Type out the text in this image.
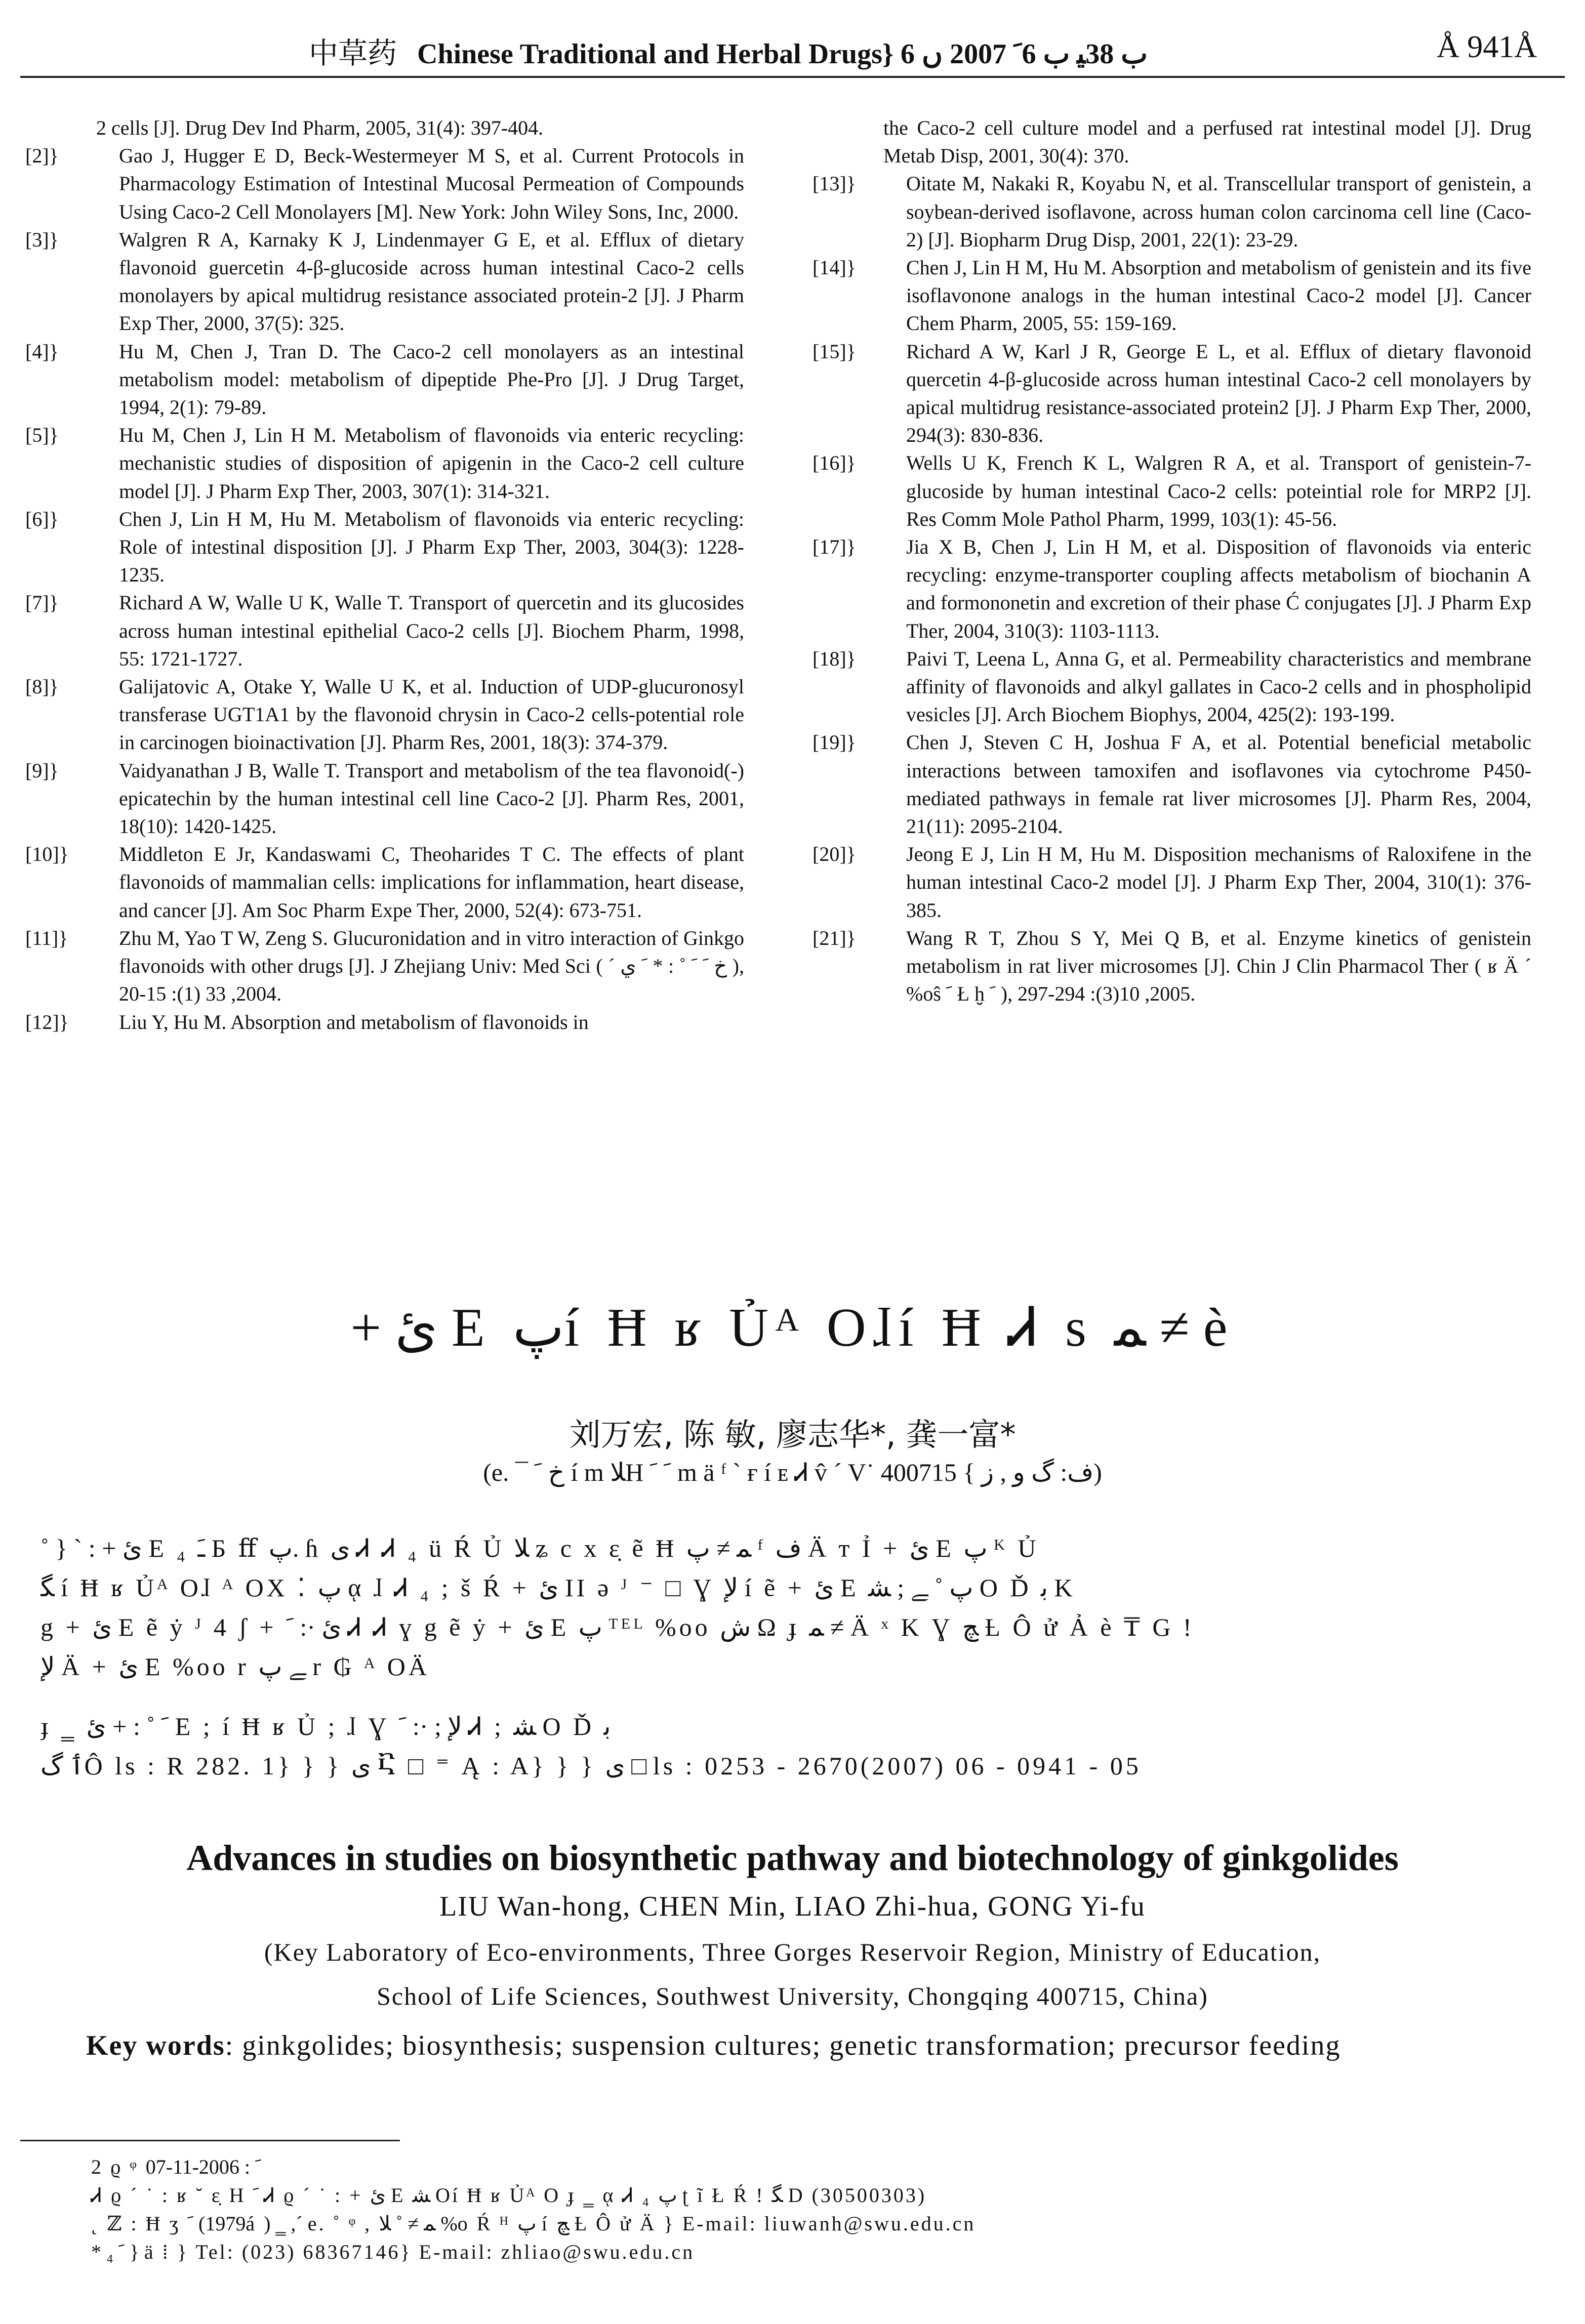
中草药 Chinese Traditional and Herbal Drugs} ب 38ﻴ ب 6ﹶ 2007 ں 6	Å 941Å
2 cells [J]. Drug Dev Ind Pharm, 2005, 31(4): 397-404.
[2]}	Gao J, Hugger E D, Beck-Westermeyer M S, et al. Current Protocols in Pharmacology Estimation of Intestinal Mucosal Permeation of Compounds Using Caco-2 Cell Monolayers [M]. New York: John Wiley Sons, Inc, 2000.
[3]}	Walgren R A, Karnaky K J, Lindenmayer G E, et al. Efflux of dietary flavonoid guercetin 4-β-glucoside across human intestinal Caco-2 cells monolayers by apical multidrug resistance associated protein-2 [J]. J Pharm Exp Ther, 2000, 37(5): 325.
[4]}	Hu M, Chen J, Tran D. The Caco-2 cell monolayers as an intestinal metabolism model: metabolism of dipeptide Phe-Pro [J]. J Drug Target, 1994, 2(1): 79-89.
[5]}	Hu M, Chen J, Lin H M. Metabolism of flavonoids via enteric recycling: mechanistic studies of disposition of apigenin in the Caco-2 cell culture model [J]. J Pharm Exp Ther, 2003, 307(1): 314-321.
[6]}	Chen J, Lin H M, Hu M. Metabolism of flavonoids via enteric recycling: Role of intestinal disposition [J]. J Pharm Exp Ther, 2003, 304(3): 1228-1235.
[7]}	Richard A W, Walle U K, Walle T. Transport of quercetin and its glucosides across human intestinal epithelial Caco-2 cells [J]. Biochem Pharm, 1998, 55: 1721-1727.
[8]}	Galijatovic A, Otake Y, Walle U K, et al. Induction of UDP-glucuronosyl transferase UGT1A1 by the flavonoid chrysin in Caco-2 cells-potential role in carcinogen bioinactivation [J]. Pharm Res, 2001, 18(3): 374-379.
[9]}	Vaidyanathan J B, Walle T. Transport and metabolism of the tea flavonoid(-) epicatechin by the human intestinal cell line Caco-2 [J]. Pharm Res, 2001, 18(10): 1420-1425.
[10]} Middleton E Jr, Kandaswami C, Theoharides T C. The effects of plant flavonoids of mammalian cells: implications for inflammation, heart disease, and cancer [J]. Am Soc Pharm Expe Ther, 2000, 52(4): 673-751.
[11]}	Zhu M, Yao T W, Zeng S. Glucuronidation and in vitro interaction of Ginkgo flavonoids with other drugs [J]. J Zhejiang Univ: Med Sci ( ´ خ ﹶ ﹶ ˚ : * ﹶ ي ), 2004, 33 (1): 15-20.
[12]} Liu Y, Hu M. Absorption and metabolism of flavonoids in
the Caco-2 cell culture model and a perfused rat intestinal model [J]. Drug Metab Disp, 2001, 30(4): 370.
[13]} Oitate M, Nakaki R, Koyabu N, et al. Transcellular transport of genistein, a soybean-derived isoflavone, across human colon carcinoma cell line (Caco-2) [J]. Biopharm Drug Disp, 2001, 22(1): 23-29.
[14]} Chen J, Lin H M, Hu M. Absorption and metabolism of genistein and its five isoflavonone analogs in the human intestinal Caco-2 model [J]. Cancer Chem Pharm, 2005, 55: 159-169.
[15]} Richard A W, Karl J R, George E L, et al. Efflux of dietary flavonoid quercetin 4-β-glucoside across human intestinal Caco-2 cell monolayers by apical multidrug resistance-associated protein2 [J]. J Pharm Exp Ther, 2000, 294(3): 830-836.
[16]} Wells U K, French K L, Walgren R A, et al. Transport of genistein-7-glucoside by human intestinal Caco-2 cells: poteintial role for MRP2 [J]. Res Comm Mole Pathol Pharm, 1999, 103(1): 45-56.
[17]} Jia X B, Chen J, Lin H M, et al. Disposition of flavonoids via enteric recycling: enzyme-transporter coupling affects metabolism of biochanin A and formononetin and excretion of their phase Ć conjugates [J]. J Pharm Exp Ther, 2004, 310(3): 1103-1113.
[18]} Paivi T, Leena L, Anna G, et al. Permeability characteristics and membrane affinity of flavonoids and alkyl gallates in Caco-2 cells and in phospholipid vesicles [J]. Arch Biochem Biophys, 2004, 425(2): 193-199.
[19]} Chen J, Steven C H, Joshua F A, et al. Potential beneficial metabolic interactions between tamoxifen and isoflavones via cytochrome P450-mediated pathways in female rat liver microsomes [J]. Pharm Res, 2004, 21(11): 2095-2104.
[20]} Jeong E J, Lin H M, Hu M. Disposition mechanisms of Raloxifene in the human intestinal Caco-2 model [J]. J Pharm Exp Ther, 2004, 310(1): 376-385.
[21]} Wang R T, Zhou S Y, Mei Q B, et al. Enzyme kinetics of genistein metabolism in rat liver microsomes [J]. Chin J Clin Pharmacol Ther ( ʁ Ä ´ %oŝ ﹶ Ł ḫ ﹶ ), 2005, 10(3): 294-297.
+ ﺉ E ﭖí Ħ ʁ Ủᴬ Oɺí Ħ Ꮧ s ﻤ ≠ è
刘万宏, 陈 敏, 廖志华*, 龚一富*
(e. ¯ خ ﹶ í m ﻼH ﹶ ﹶ m ä ᶠ ` ғ í ᴇ Ꮧ v̂ ´ V˙ ف: ﮒ و , ز } 400715)
˚ } ` : + ﺉ E ₄ ﹷ Ƃ ﬀ ﭖ. ɦ ى Ꮧ Ꮧ ₄ ü Ŕ Ủ ﻼ ʑ c x ε̣ ẽ Ħ ﻤ ≠ ﭖ ᶠ ف Ä т Ỉ + ﺉ E ﭖ ᴷ Ủ
ﮕ í Ħ ʁ Ủᴬ Oɺ ᴬ OX ⁚ ﭖ ᾳ ɺ Ꮧ ₄ ; š Ŕ + ﺉ ΙΙ ə ᴶ ⁻ □ Ɣ ﻹ í ẽ + ﺉ E ﭖ ˚ ﮯ ; ﺸ O Ď ﺑ K
g + ﺉ E ẽ ẏ ᴶ 4 ʃ + ﺉ ·: ﹶ Ꮧ Ꮧ ɣ g ẽ ẏ + ﺉ E ﭖ ᵀᴱᴸ %oo ﺵ Ω ɟ ﻤ ≠ Ä ˣ K Ɣ ﭻ Ƚ Ô ử Ả è ₸ G !
ﻹ Ä + ﺉ E %oo r ﮯ ﭖ r ₲ ᴬ OÄ
ɟ ‗ ﹶ ˚ : + ﺉ E ; í Ħ ʁ Ủ ; ɺ Ɣ ﻹ ; ·: ﹶ Ꮧ ; ﺸ O Ď ﺑ
ٲ ﮒÔ ls : R 282. 1} } } ى Ⴀ □ ⁼ Ą : A} } } ى □ ls : 0253 - 2670(2007) 06 - 0941 - 05
Advances in studies on biosynthetic pathway and biotechnology of ginkgolides
LIU Wan-hong, CHEN Min, LIAO Zhi-hua, GONG Yi-fu
(Key Laboratory of Eco-environments, Three Gorges Reservoir Region, Ministry of Education,
School of Life Sciences, Southwest University, Chongqing 400715, China)
Key words: ginkgolides; biosynthesis; suspension cultures; genetic transformation; precursor feeding
2 ϱ ᵠ ﹶ : 2006-11-07
Ꮧ ϱ ´ ˙ : ʁ ˘ ε̣ H ﹶ Ꮧ ϱ ´ ˙ : + ﺉ E ﺸ Oí Ħ ʁ Ủᴬ O ɟ ‗ ᾳ Ꮧ ₄ ﭖ ʈ ĩ Ł Ŕ ! ﮕ D (30500303)
˛ ℤ : Ħ ʒ ﹶ (1979á ) ‗ ,´ e. ˚ ᵠ , ﻤ ≠ ˚ ﻼ %o Ŕ ᴴ ﭖ í ﭻ Ƚ Ô ử Ä } E-mail: liuwanh@swu.edu.cn
* ₄ ﹶ } ä ⁞ } Tel: (023) 68367146} E-mail: zhliao@swu.edu.cn
